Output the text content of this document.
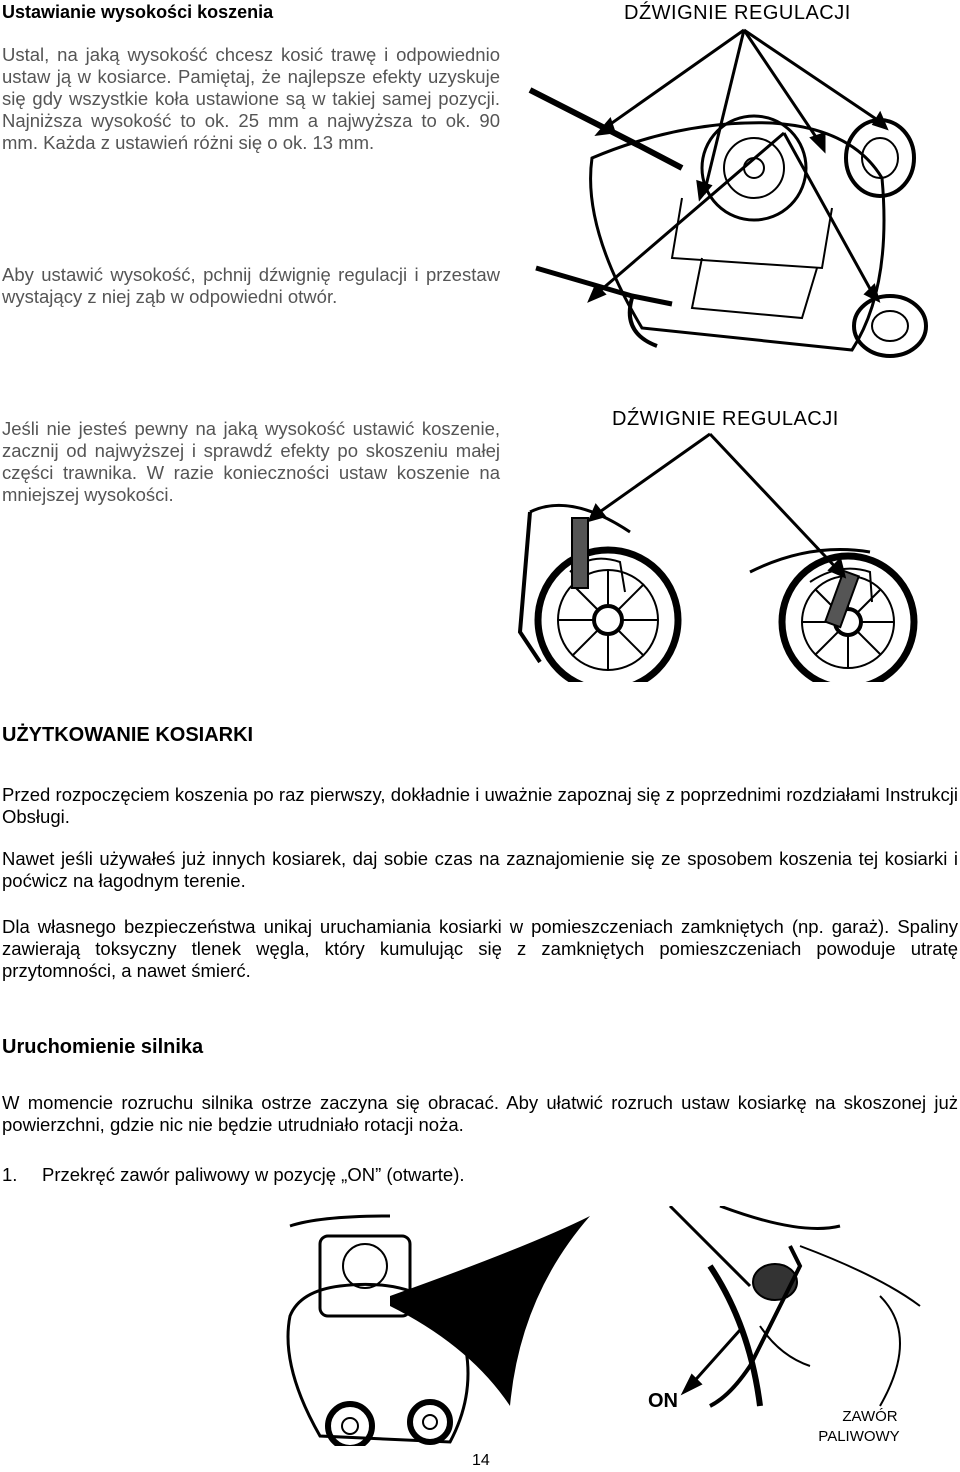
Ustawianie wysokości koszenia
Ustal, na jaką wysokość chcesz kosić trawę i odpowiednio ustaw ją w kosiarce. Pamiętaj, że najlepsze efekty uzyskuje się gdy wszystkie koła ustawione są w takiej samej pozycji. Najniższa wysokość to ok. 25 mm a najwyższa to ok. 90 mm. Każda z ustawień różni się o ok. 13 mm.
Aby ustawić wysokość, pchnij dźwignię regulacji i przestaw wystający z niej ząb w odpowiedni otwór.
Jeśli nie jesteś pewny na jaką wysokość ustawić koszenie, zacznij od najwyższej i sprawdź efekty po skoszeniu małej części trawnika. W razie konieczności ustaw koszenie na mniejszej wysokości.
DŹWIGNIE REGULACJI
DŹWIGNIE REGULACJI
UŻYTKOWANIE KOSIARKI
Przed rozpoczęciem koszenia po raz pierwszy, dokładnie i uważnie zapoznaj się z poprzednimi rozdziałami Instrukcji Obsługi.
Nawet jeśli używałeś już innych kosiarek, daj sobie czas na zaznajomienie się ze sposobem koszenia tej kosiarki i poćwicz na łagodnym terenie.
Dla własnego bezpieczeństwa unikaj uruchamiania kosiarki w pomieszczeniach zamkniętych (np. garaż). Spaliny zawierają toksyczny tlenek węgla, który kumulując się z zamkniętych pomieszczeniach powoduje utratę przytomności, a nawet śmierć.
Uruchomienie silnika
W momencie rozruchu silnika ostrze zaczyna się obracać. Aby ułatwić rozruch ustaw kosiarkę na skoszonej już powierzchni, gdzie nic nie będzie utrudniało rotacji noża.
1. Przekręć zawór paliwowy w pozycję „ON” (otwarte).
ON
ZAWÓR
PALIWOWY
14
